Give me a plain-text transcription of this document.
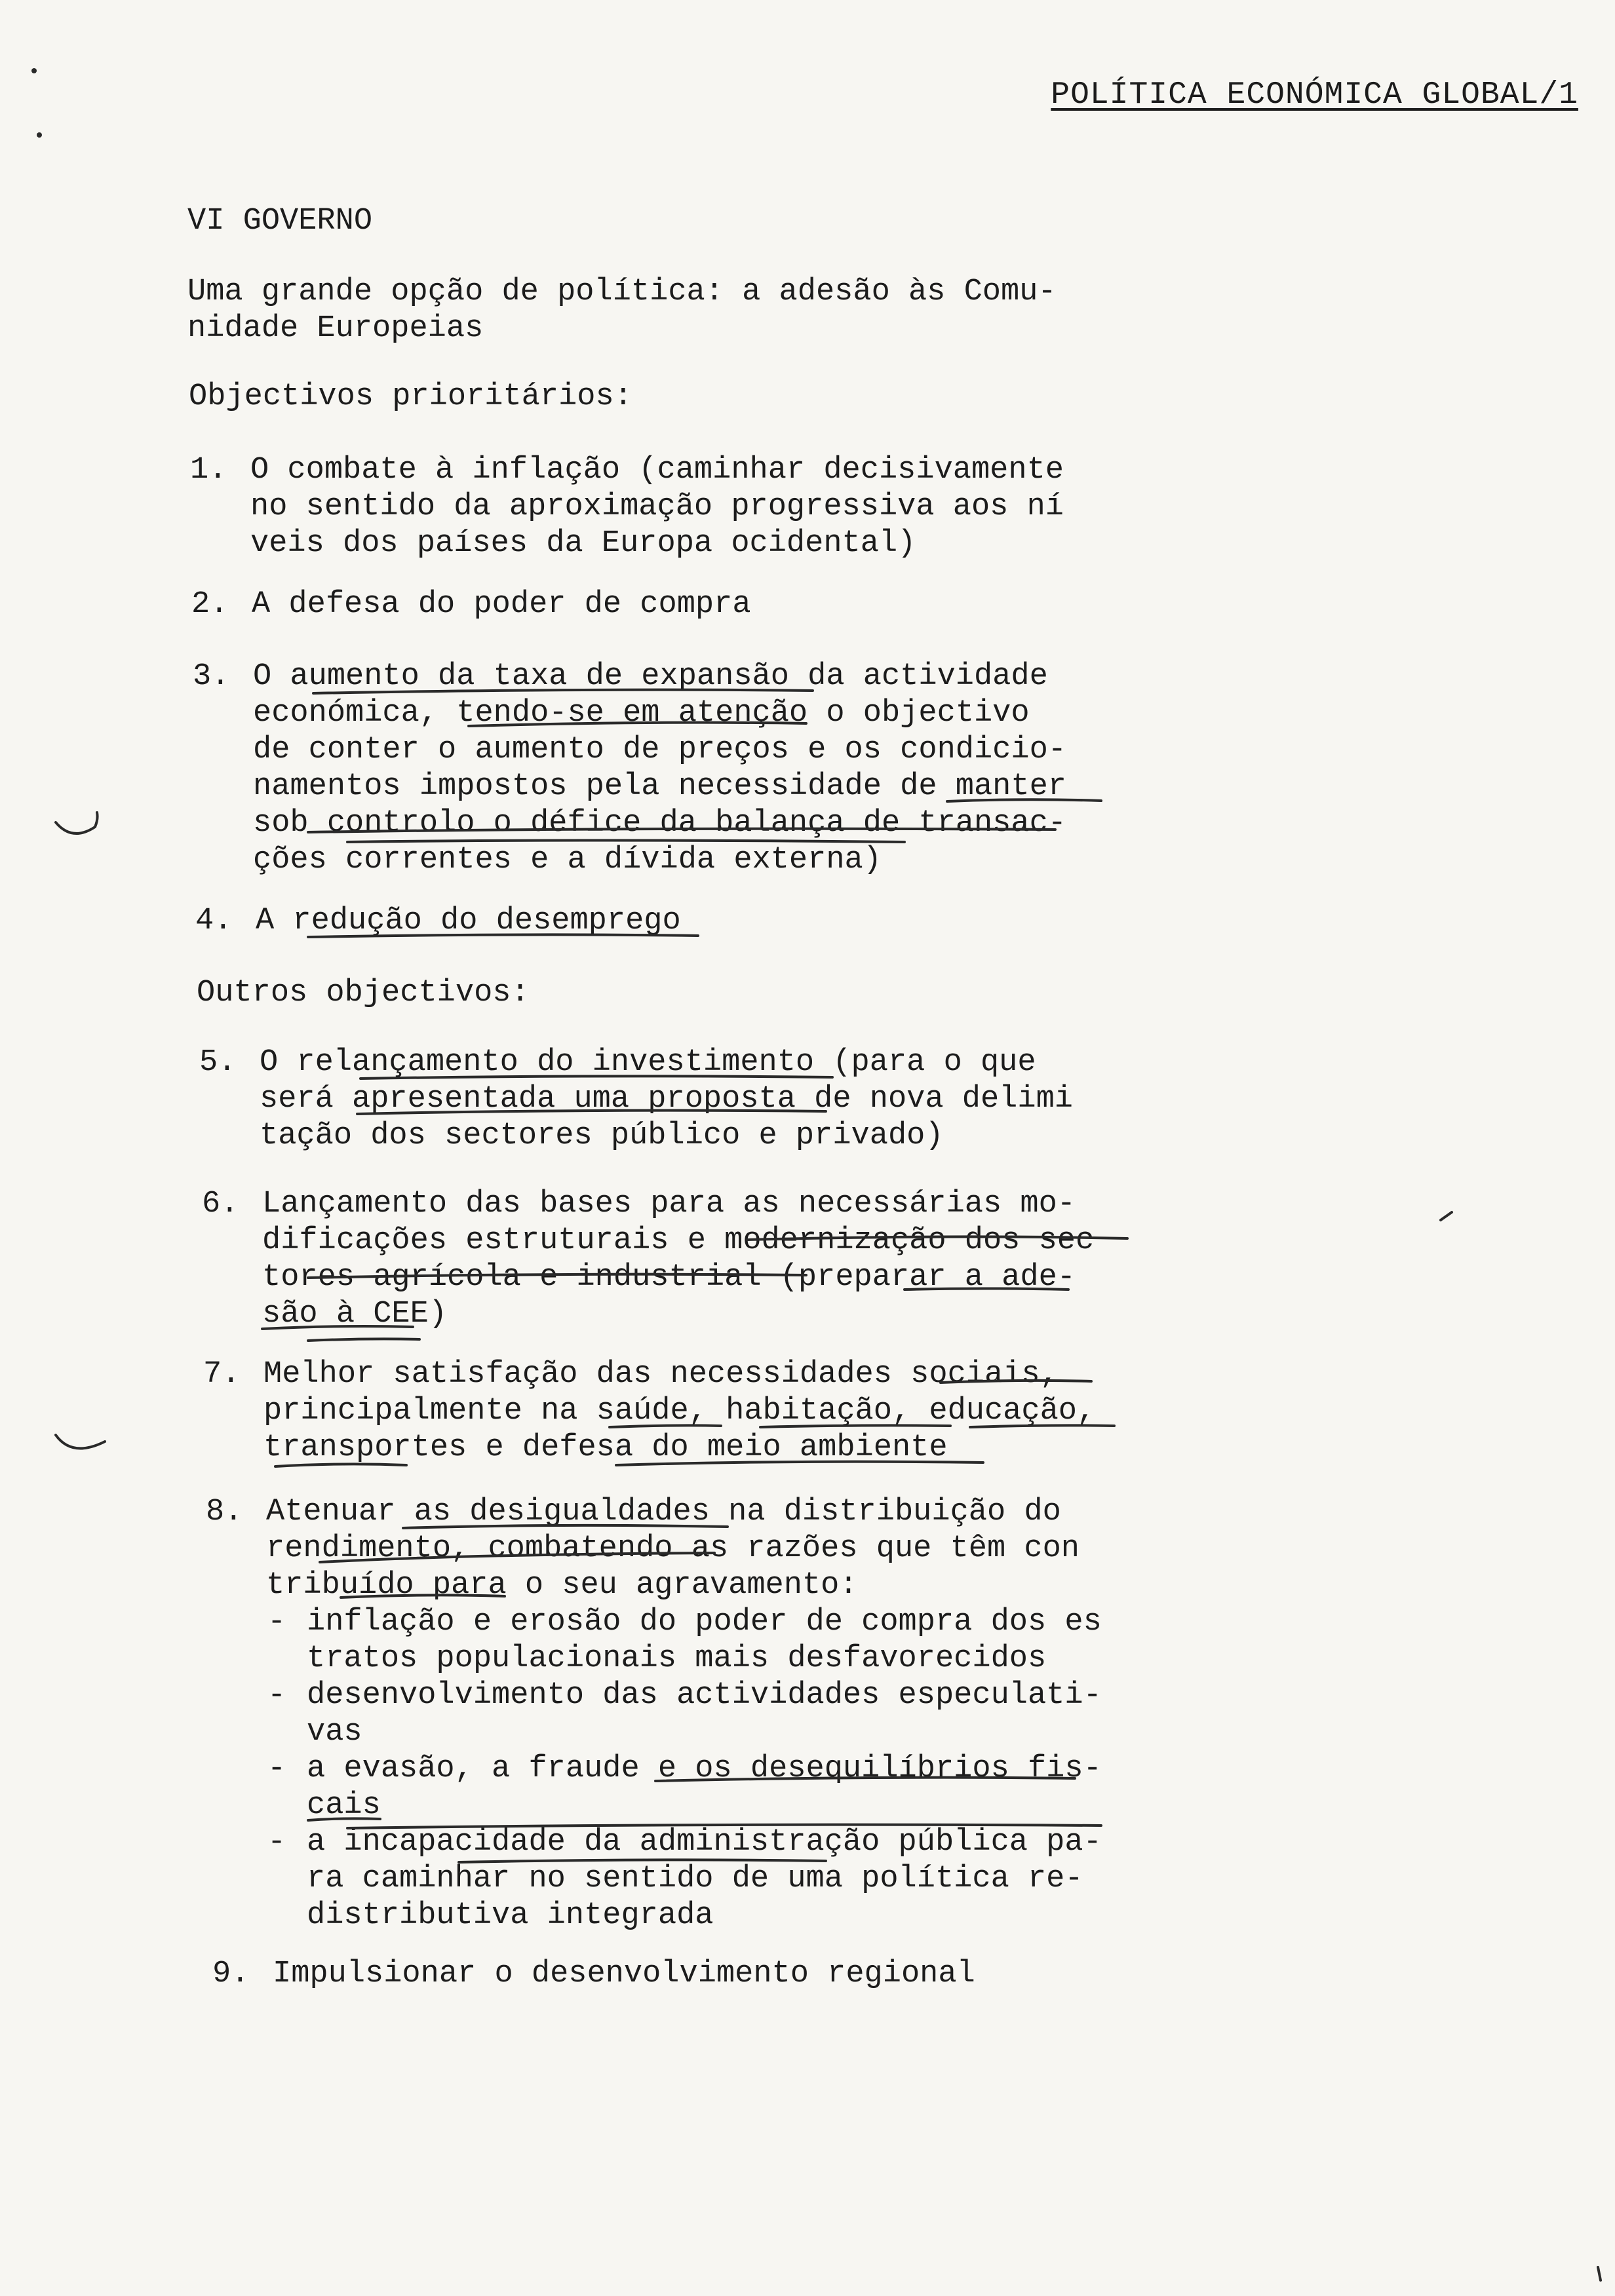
POLÍTICA ECONÓMICA GLOBAL/1
VI GOVERNO
Uma grande opção de política: a adesão às Comu-
nidade Europeias
Objectivos prioritários:
1. O combate à inflação (caminhar decisivamente
no sentido da aproximação progressiva aos ní
veis dos países da Europa ocidental)
2. A defesa do poder de compra
3. O aumento da taxa de expansão da actividade
económica, tendo-se em atenção o objectivo
de conter o aumento de preços e os condicio-
namentos impostos pela necessidade de manter
sob controlo o défice da balança de transac-
ções correntes e a dívida externa)
4. A redução do desemprego
Outros objectivos:
5. O relançamento do investimento (para o que
será apresentada uma proposta de nova delimi
tação dos sectores público e privado)
6. Lançamento das bases para as necessárias mo-
dificações estruturais e modernização dos sec
tores agrícola e industrial (preparar a ade-
são à CEE)
7. Melhor satisfação das necessidades sociais,
principalmente na saúde, habitação, educação,
transportes e defesa do meio ambiente
8. Atenuar as desigualdades na distribuição do
rendimento, combatendo as razões que têm con
tribuído para o seu agravamento:
- inflação e erosão do poder de compra dos es
tratos populacionais mais desfavorecidos
- desenvolvimento das actividades especulati-
vas
- a evasão, a fraude e os desequilíbrios fis-
cais
- a incapacidade da administração pública pa-
ra caminhar no sentido de uma política re-
distributiva integrada
9. Impulsionar o desenvolvimento regional
